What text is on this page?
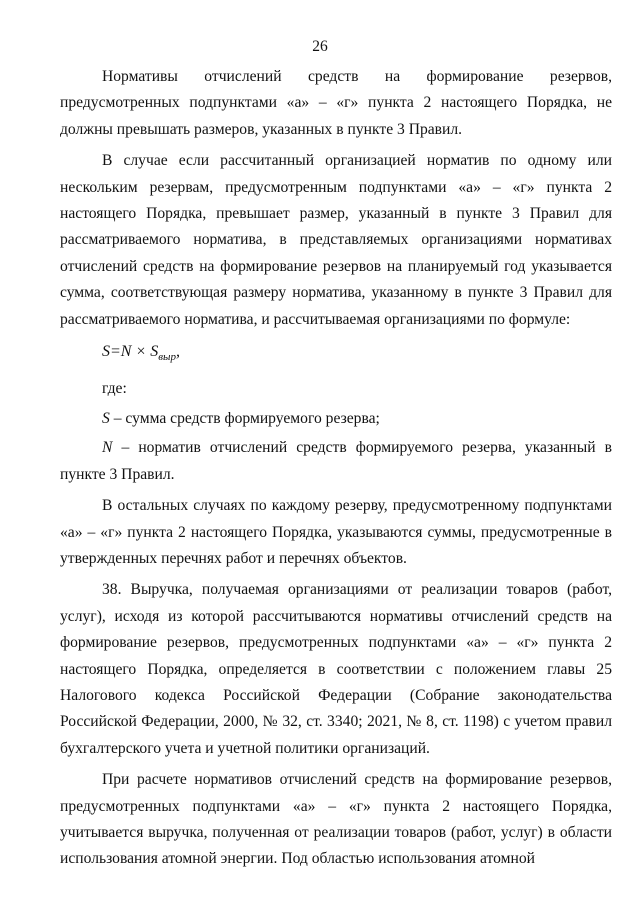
26

Нормативы отчислений средств на формирование резервов, предусмотренных подпунктами «а» – «г» пункта 2 настоящего Порядка, не должны превышать размеров, указанных в пункте 3 Правил.

В случае если рассчитанный организацией норматив по одному или нескольким резервам, предусмотренным подпунктами «а» – «г» пункта 2 настоящего Порядка, превышает размер, указанный в пункте 3 Правил для рассматриваемого норматива, в представляемых организациями нормативах отчислений средств на формирование резервов на планируемый год указывается сумма, соответствующая размеру норматива, указанному в пункте 3 Правил для рассматриваемого норматива, и рассчитываемая организациями по формуле:

$S=N \times S_{выр}$,

где:

S – сумма средств формируемого резерва;

N – норматив отчислений средств формируемого резерва, указанный в пункте 3 Правил.

В остальных случаях по каждому резерву, предусмотренному подпунктами «а» – «г» пункта 2 настоящего Порядка, указываются суммы, предусмотренные в утвержденных перечнях работ и перечнях объектов.

38. Выручка, получаемая организациями от реализации товаров (работ, услуг), исходя из которой рассчитываются нормативы отчислений средств на формирование резервов, предусмотренных подпунктами «а» – «г» пункта 2 настоящего Порядка, определяется в соответствии с положением главы 25 Налогового кодекса Российской Федерации (Собрание законодательства Российской Федерации, 2000, № 32, ст. 3340; 2021, № 8, ст. 1198) с учетом правил бухгалтерского учета и учетной политики организаций.

При расчете нормативов отчислений средств на формирование резервов, предусмотренных подпунктами «а» – «г» пункта 2 настоящего Порядка, учитывается выручка, полученная от реализации товаров (работ, услуг) в области использования атомной энергии. Под областью использования атомной
